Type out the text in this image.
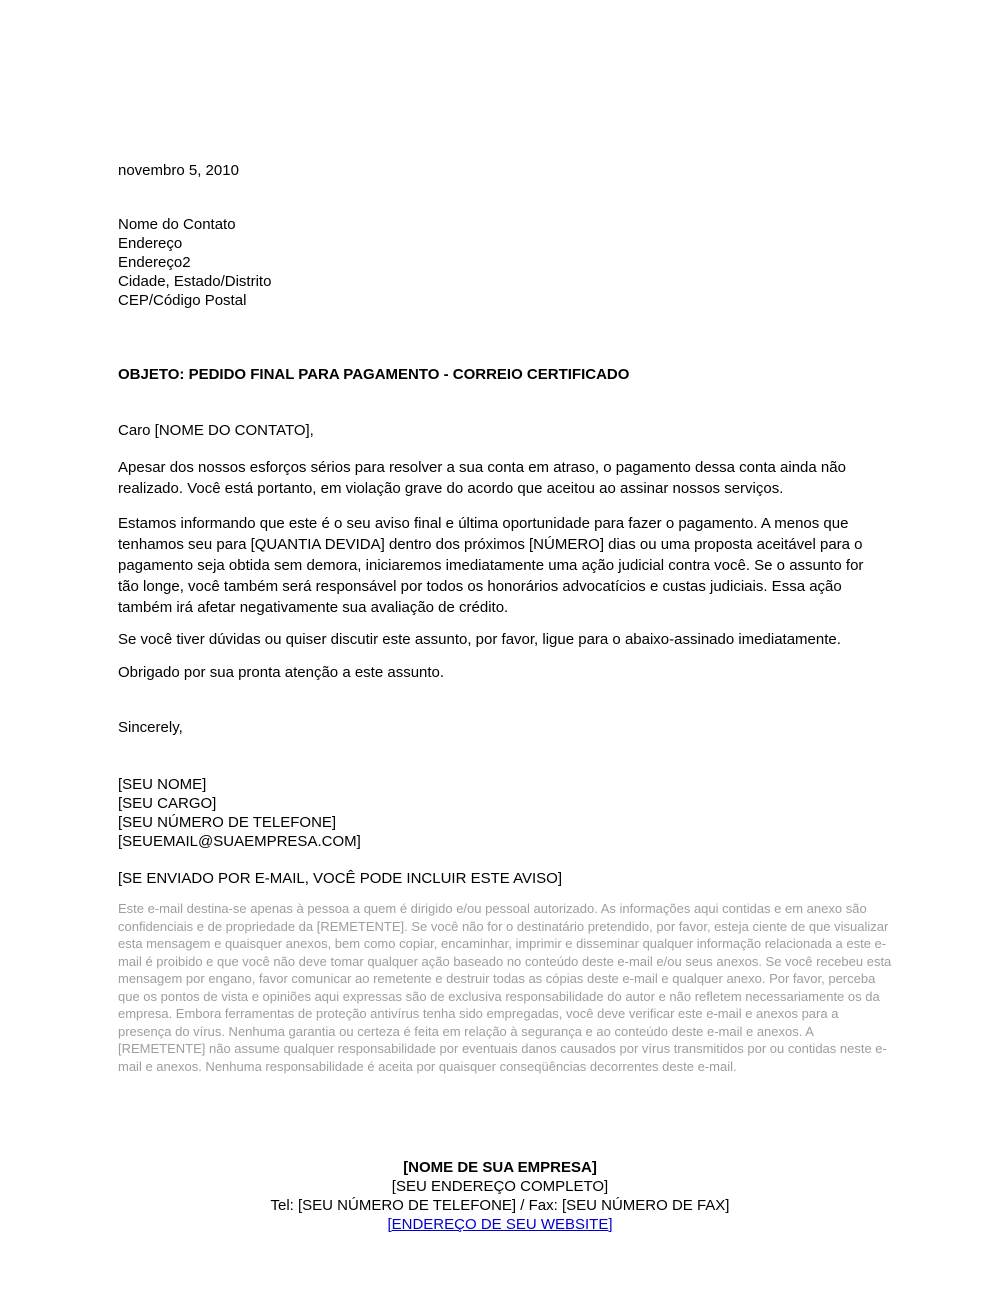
novembro 5, 2010
Nome do Contato
Endereço
Endereço2
Cidade, Estado/Distrito
CEP/Código Postal
OBJETO: PEDIDO FINAL PARA PAGAMENTO - CORREIO CERTIFICADO
Caro [NOME DO CONTATO],

Apesar dos nossos esforços sérios para resolver a sua conta em atraso, o pagamento dessa conta ainda não realizado. Você está portanto, em violação grave do acordo que aceitou ao assinar nossos serviços.

Estamos informando que este é o seu aviso final e última oportunidade para fazer o pagamento. A menos que tenhamos seu para [QUANTIA DEVIDA] dentro dos próximos [NÚMERO] dias ou uma proposta aceitável para o pagamento seja obtida sem demora, iniciaremos imediatamente uma ação judicial contra você. Se o assunto for tão longe, você também será responsável por todos os honorários advocatícios e custas judiciais. Essa ação também irá afetar negativamente sua avaliação de crédito.

Se você tiver dúvidas ou quiser discutir este assunto, por favor, ligue para o abaixo-assinado imediatamente.

Obrigado por sua pronta atenção a este assunto.

Sincerely,
[SEU NOME]
[SEU CARGO]
[SEU NÚMERO DE TELEFONE]
[SEUEMAIL@SUAEMPRESA.COM]
[SE ENVIADO POR E-MAIL, VOCÊ PODE INCLUIR ESTE AVISO]
Este e-mail destina-se apenas à pessoa a quem é dirigido e/ou pessoal autorizado. As informações aqui contidas e em anexo são confidenciais e de propriedade da [REMETENTE]. Se você não for o destinatário pretendido, por favor, esteja ciente de que visualizar esta mensagem e quaisquer anexos, bem como copiar, encaminhar, imprimir e disseminar qualquer informação relacionada a este e-mail é proibido e que você não deve tomar qualquer ação baseado no conteúdo deste e-mail e/ou seus anexos. Se você recebeu esta mensagem por engano, favor comunicar ao remetente e destruir todas as cópias deste e-mail e qualquer anexo. Por favor, perceba que os pontos de vista e opiniões aqui expressas são de exclusiva responsabilidade do autor e não refletem necessariamente os da empresa. Embora ferramentas de proteção antivírus tenha sido empregadas, você deve verificar este e-mail e anexos para a presença do vírus. Nenhuma garantia ou certeza é feita em relação à segurança e ao conteúdo deste e-mail e anexos. A [REMETENTE] não assume qualquer responsabilidade por eventuais danos causados por vírus transmitidos por ou contidas neste e-mail e anexos. Nenhuma responsabilidade é aceita por quaisquer conseqüências decorrentes deste e-mail.
[NOME DE SUA EMPRESA]
[SEU ENDEREÇO COMPLETO]
Tel: [SEU NÚMERO DE TELEFONE] / Fax: [SEU NÚMERO DE FAX]
[ENDEREÇO DE SEU WEBSITE]
